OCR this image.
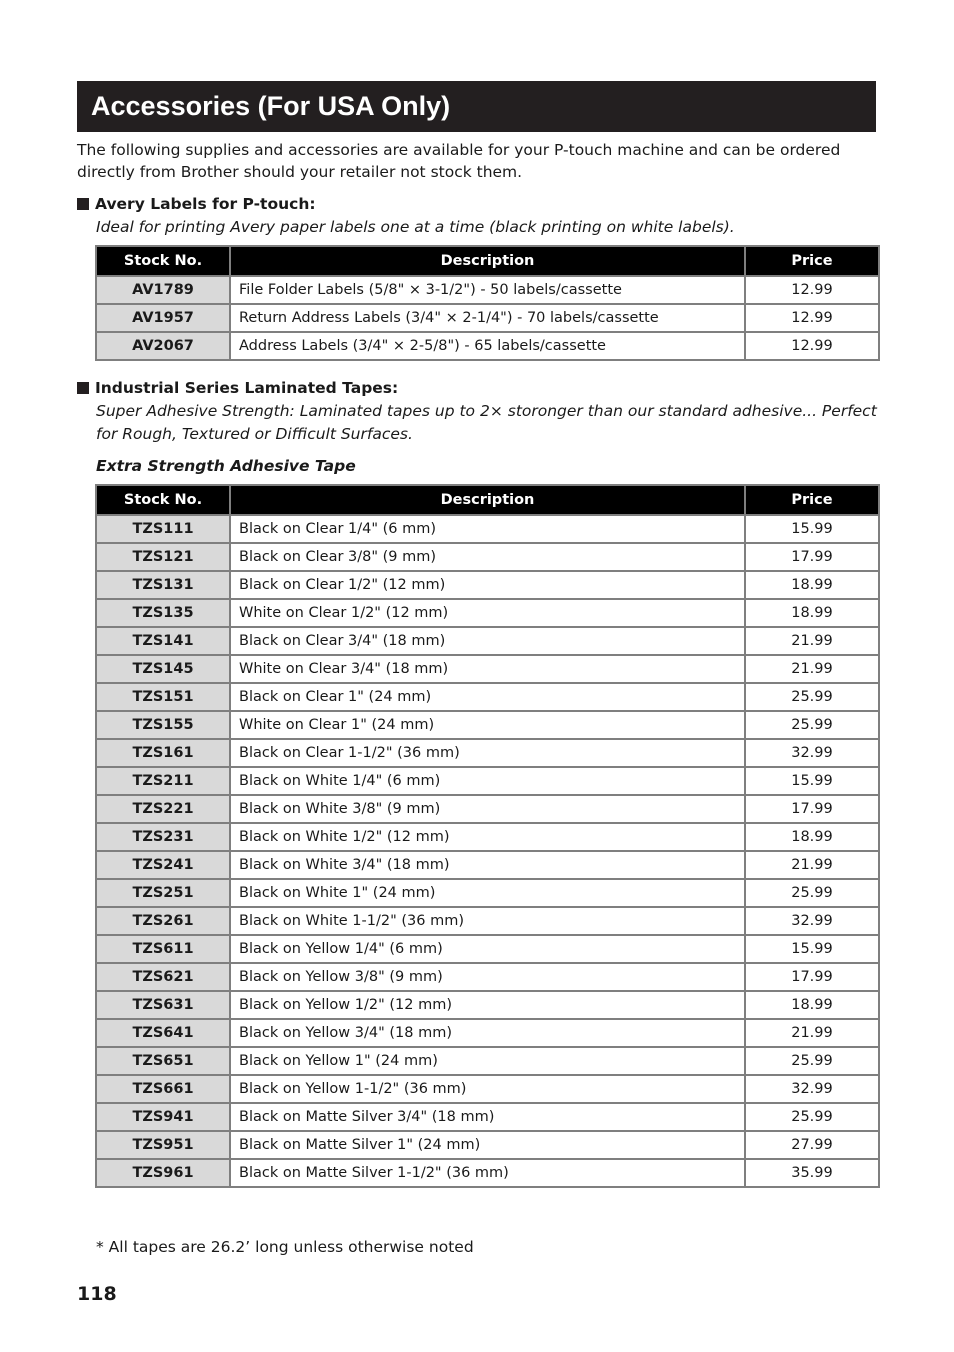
Accessories (For USA Only)
The following supplies and accessories are available for your P-touch machine and can be ordered directly from Brother should your retailer not stock them.
Avery Labels for P-touch:
Ideal for printing Avery paper labels one at a time (black printing on white labels).
Stock No.	Description	Price
AV1789	File Folder Labels (5/8" × 3-1/2") - 50 labels/cassette	12.99
AV1957	Return Address Labels (3/4" × 2-1/4") - 70 labels/cassette	12.99
AV2067	Address Labels (3/4" × 2-5/8") - 65 labels/cassette	12.99
Industrial Series Laminated Tapes:
Super Adhesive Strength: Laminated tapes up to 2× storonger than our standard adhesive... Perfect for Rough, Textured or Difficult Surfaces.
Extra Strength Adhesive Tape
Stock No.	Description	Price
TZS111	Black on Clear 1/4" (6 mm)	15.99
TZS121	Black on Clear 3/8" (9 mm)	17.99
TZS131	Black on Clear 1/2" (12 mm)	18.99
TZS135	White on Clear 1/2" (12 mm)	18.99
TZS141	Black on Clear 3/4" (18 mm)	21.99
TZS145	White on Clear 3/4" (18 mm)	21.99
TZS151	Black on Clear 1" (24 mm)	25.99
TZS155	White on Clear 1" (24 mm)	25.99
TZS161	Black on Clear 1-1/2" (36 mm)	32.99
TZS211	Black on White 1/4" (6 mm)	15.99
TZS221	Black on White 3/8" (9 mm)	17.99
TZS231	Black on White 1/2" (12 mm)	18.99
TZS241	Black on White 3/4" (18 mm)	21.99
TZS251	Black on White 1" (24 mm)	25.99
TZS261	Black on White 1-1/2" (36 mm)	32.99
TZS611	Black on Yellow 1/4" (6 mm)	15.99
TZS621	Black on Yellow 3/8" (9 mm)	17.99
TZS631	Black on Yellow 1/2" (12 mm)	18.99
TZS641	Black on Yellow 3/4" (18 mm)	21.99
TZS651	Black on Yellow 1" (24 mm)	25.99
TZS661	Black on Yellow 1-1/2" (36 mm)	32.99
TZS941	Black on Matte Silver 3/4" (18 mm)	25.99
TZS951	Black on Matte Silver 1" (24 mm)	27.99
TZS961	Black on Matte Silver 1-1/2" (36 mm)	35.99
* All tapes are 26.2’ long unless otherwise noted
118
